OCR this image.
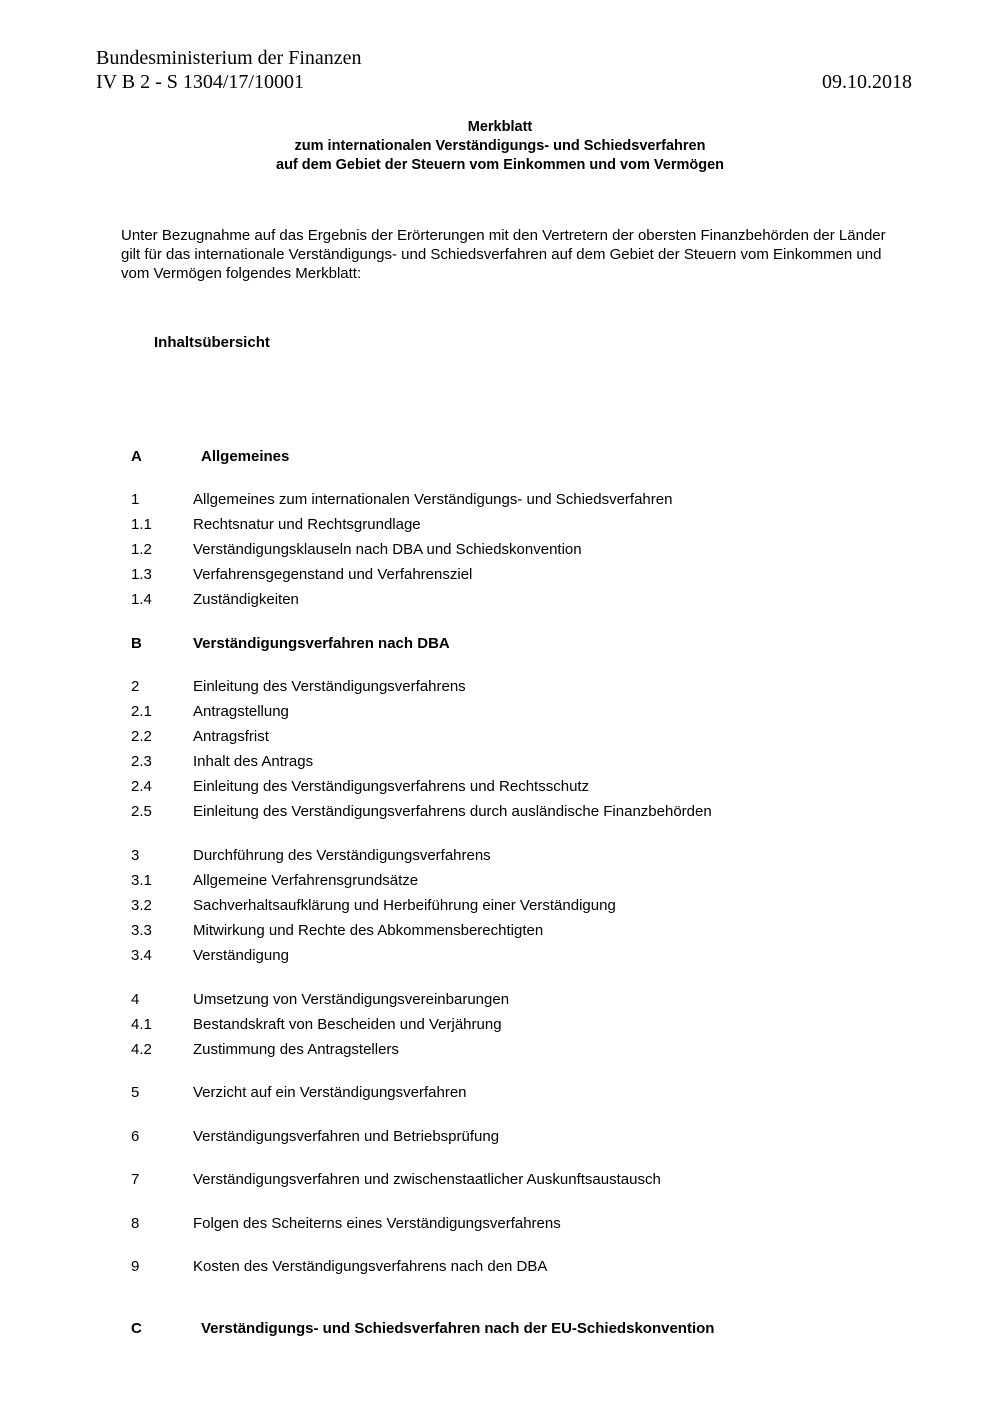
Bundesministerium der Finanzen
IV B 2 - S 1304/17/10001	09.10.2018
Merkblatt
zum internationalen Verständigungs- und Schiedsverfahren
auf dem Gebiet der Steuern vom Einkommen und vom Vermögen
Unter Bezugnahme auf das Ergebnis der Erörterungen mit den Vertretern der obersten Finanzbehörden der Länder gilt für das internationale Verständigungs- und Schiedsverfahren auf dem Gebiet der Steuern vom Einkommen und vom Vermögen folgendes Merkblatt:
Inhaltsübersicht
A	Allgemeines
1	Allgemeines zum internationalen Verständigungs- und Schiedsverfahren
1.1	Rechtsnatur und Rechtsgrundlage
1.2	Verständigungsklauseln nach DBA und Schiedskonvention
1.3	Verfahrensgegenstand und Verfahrensziel
1.4	Zuständigkeiten
B	Verständigungsverfahren nach DBA
2	Einleitung des Verständigungsverfahrens
2.1	Antragstellung
2.2	Antragsfrist
2.3	Inhalt des Antrags
2.4	Einleitung des Verständigungsverfahrens und Rechtsschutz
2.5	Einleitung des Verständigungsverfahrens durch ausländische Finanzbehörden
3	Durchführung des Verständigungsverfahrens
3.1	Allgemeine Verfahrensgrundsätze
3.2	Sachverhaltsaufklärung und Herbeiführung einer Verständigung
3.3	Mitwirkung und Rechte des Abkommensberechtigten
3.4	Verständigung
4	Umsetzung von Verständigungsvereinbarungen
4.1	Bestandskraft von Bescheiden und Verjährung
4.2	Zustimmung des Antragstellers
5	Verzicht auf ein Verständigungsverfahren
6	Verständigungsverfahren und Betriebsprüfung
7	Verständigungsverfahren und zwischenstaatlicher Auskunftsaustausch
8	Folgen des Scheiterns eines Verständigungsverfahrens
9	Kosten des Verständigungsverfahrens nach den DBA
C	Verständigungs- und Schiedsverfahren nach der EU-Schiedskonvention
